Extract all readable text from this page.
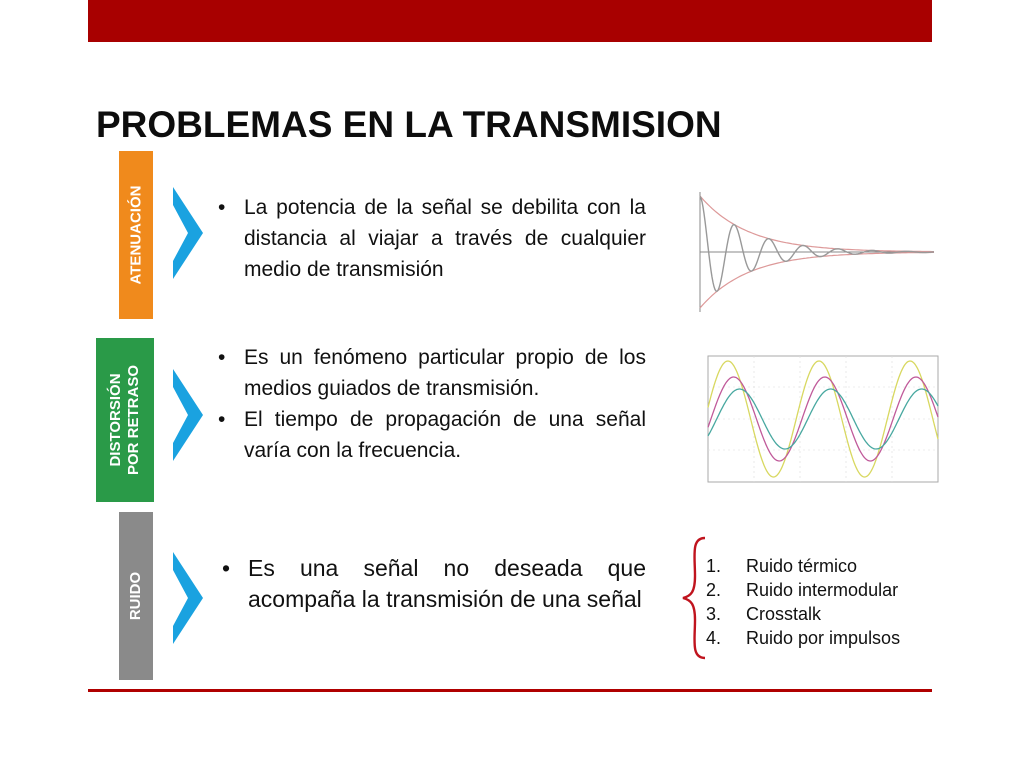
PROBLEMAS EN LA TRANSMISION
ATENUACIÓN
•	La potencia de la señal se debilita con la distancia al viajar a través de cualquier medio de transmisión
DISTORSIÓN POR RETRASO
• Es un fenómeno particular propio de los medios guiados de transmisión.
• El tiempo de propagación de una señal varía con la frecuencia.
RUIDO
• Es una señal no deseada que acompaña la transmisión de una señal
1.	Ruido térmico
2.	Ruido intermodular
3.	Crosstalk
4.	Ruido por impulsos
